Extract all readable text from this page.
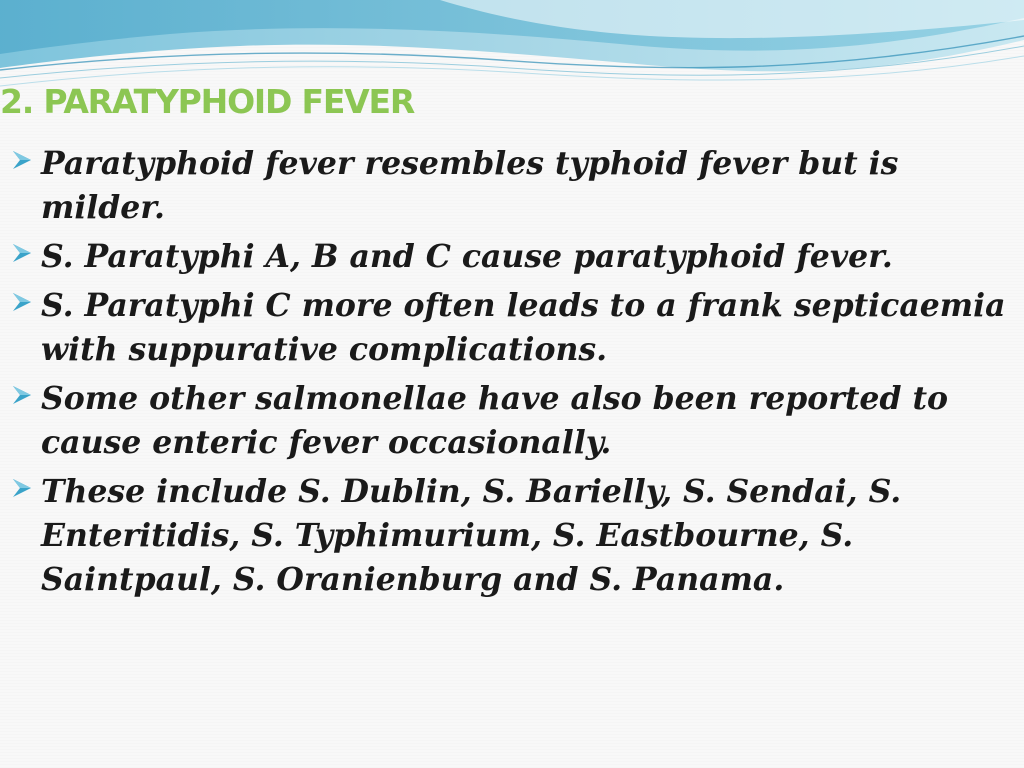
2. PARATYPHOID FEVER
Paratyphoid fever resembles typhoid fever but is milder.
S. Paratyphi A, B and C cause paratyphoid fever.
S. Paratyphi C more often leads to a frank septicaemia with suppurative complications.
Some other salmonellae have also been reported to cause enteric fever occasionally.
These include S. Dublin, S. Barielly, S. Sendai, S. Enteritidis, S. Typhimurium, S. Eastbourne, S. Saintpaul, S. Oranienburg and S. Panama.
